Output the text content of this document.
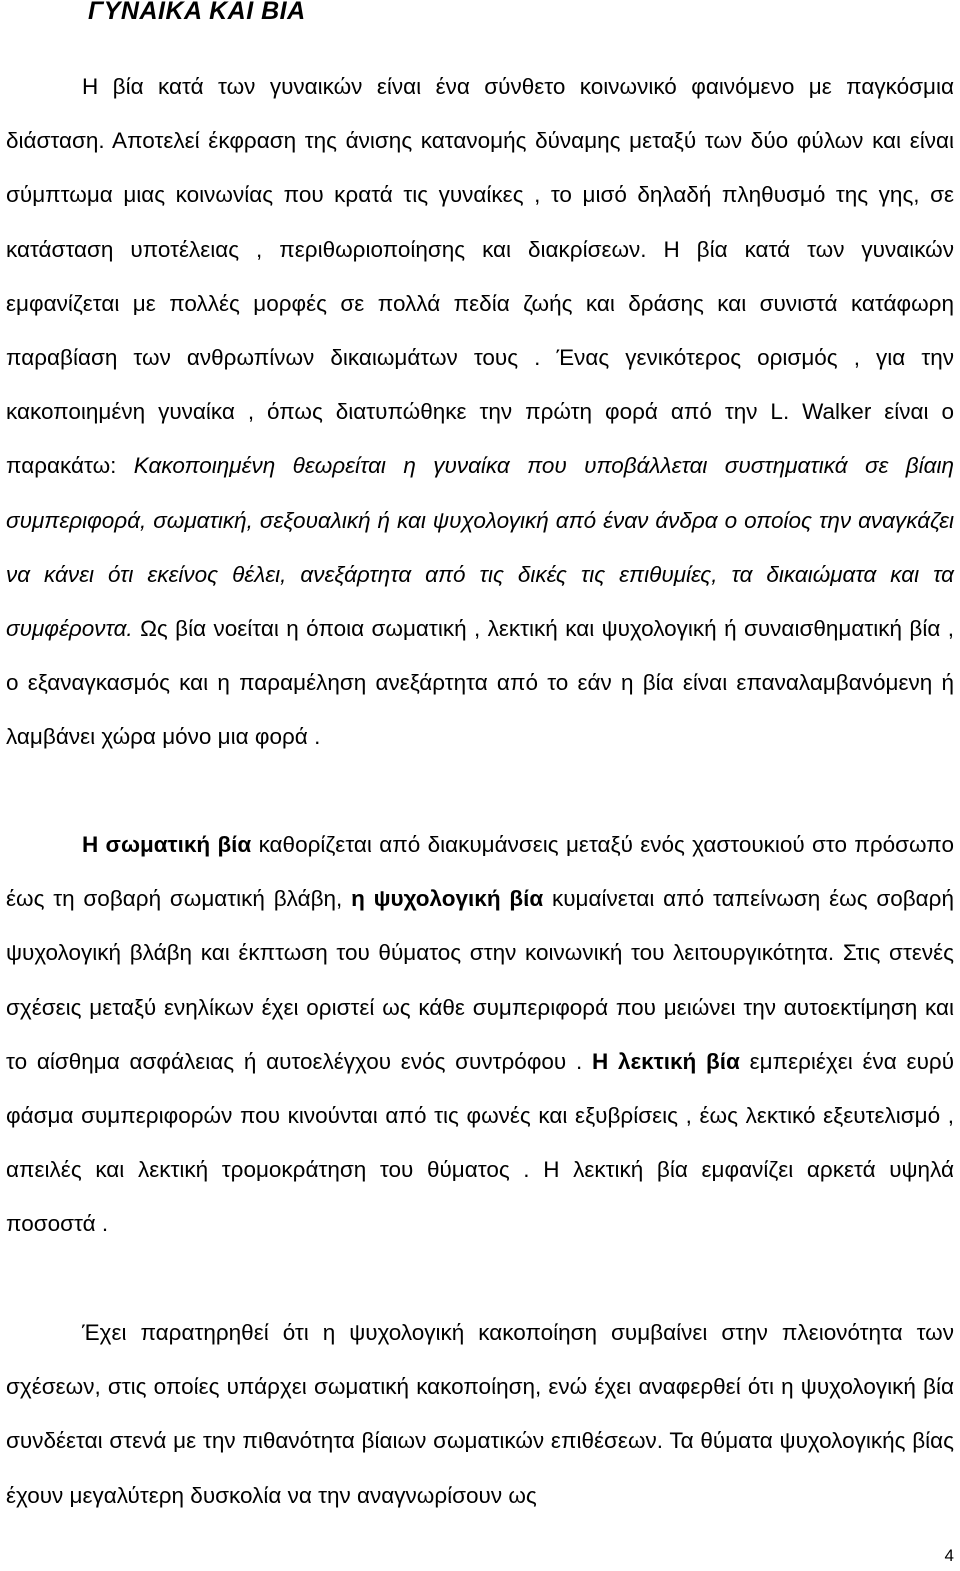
ΓΥΝΑΙΚΑ ΚΑΙ ΒΙΑ

Η βία κατά των γυναικών είναι ένα σύνθετο κοινωνικό φαινόμενο με παγκόσμια διάσταση. Αποτελεί έκφραση της άνισης κατανομής δύναμης μεταξύ των δύο φύλων και είναι σύμπτωμα μιας κοινωνίας που κρατά τις γυναίκες , το μισό δηλαδή πληθυσμό της γης, σε κατάσταση υποτέλειας , περιθωριοποίησης και διακρίσεων. Η βία κατά των γυναικών εμφανίζεται με πολλές μορφές σε πολλά πεδία ζωής και δράσης και συνιστά κατάφωρη παραβίαση των ανθρωπίνων δικαιωμάτων τους . Ένας γενικότερος ορισμός , για την κακοποιημένη γυναίκα , όπως διατυπώθηκε την πρώτη φορά από την L. Walker είναι ο παρακάτω: Κακοποιημένη θεωρείται η γυναίκα που υποβάλλεται συστηματικά σε βίαιη συμπεριφορά, σωματική, σεξουαλική ή και ψυχολογική από έναν άνδρα ο οποίος την αναγκάζει να κάνει ότι εκείνος θέλει, ανεξάρτητα από τις δικές τις επιθυμίες, τα δικαιώματα και τα συμφέροντα. Ως βία νοείται η όποια σωματική , λεκτική και ψυχολογική ή συναισθηματική βία , ο εξαναγκασμός και η παραμέληση ανεξάρτητα από το εάν η βία είναι επαναλαμβανόμενη ή λαμβάνει χώρα μόνο μια φορά .

Η σωματική βία καθορίζεται από διακυμάνσεις μεταξύ ενός χαστουκιού στο πρόσωπο έως τη σοβαρή σωματική βλάβη, η ψυχολογική βία κυμαίνεται από ταπείνωση έως σοβαρή ψυχολογική βλάβη και έκπτωση του θύματος στην κοινωνική του λειτουργικότητα. Στις στενές σχέσεις μεταξύ ενηλίκων έχει οριστεί ως κάθε συμπεριφορά που μειώνει την αυτοεκτίμηση και το αίσθημα ασφάλειας ή αυτοελέγχου ενός συντρόφου . Η λεκτική βία εμπεριέχει ένα ευρύ φάσμα συμπεριφορών που κινούνται από τις φωνές και εξυβρίσεις , έως λεκτικό εξευτελισμό , απειλές και λεκτική τρομοκράτηση του θύματος . Η λεκτική βία εμφανίζει αρκετά υψηλά ποσοστά .

Έχει παρατηρηθεί ότι η ψυχολογική κακοποίηση συμβαίνει στην πλειονότητα των σχέσεων, στις οποίες υπάρχει σωματική κακοποίηση, ενώ έχει αναφερθεί ότι η ψυχολογική βία συνδέεται στενά με την πιθανότητα βίαιων σωματικών επιθέσεων. Τα θύματα ψυχολογικής βίας έχουν μεγαλύτερη δυσκολία να την αναγνωρίσουν ως

4
